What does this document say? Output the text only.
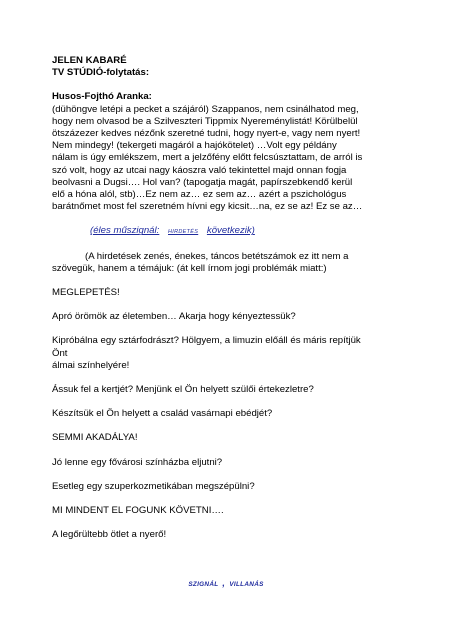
JELEN KABARÉ
TV STÚDIÓ-folytatás:
Husos-Fojthó Aranka:
(dühöngve letépi a pecket a szájáról) Szappanos, nem csinálhatod meg,
hogy nem olvasod be a Szilveszteri Tippmix Nyereménylistát! Körülbelül
ötszázezer kedves nézőnk szeretné tudni, hogy nyert-e, vagy nem nyert!
Nem mindegy! (tekergeti magáról a hajókötelet) …Volt egy példány
nálam is úgy emlékszem, mert a jelzőfény előtt felcsúsztattam, de arról is
szó volt, hogy az utcai nagy káoszra való tekintettel majd onnan fogja
beolvasni a Dugsi…. Hol van? (tapogatja magát, papírszebkendő kerül
elő a hóna alól, stb)…Ez nem az… ez sem az… azért a pszichológus
barátnőmet most fel szeretném hívni egy kicsit…na, ez se az! Ez se az…
(éles műszignál: HIRDETÉS következik)
(A hirdetések zenés, énekes, táncos betétszámok ez itt nem a
szövegük, hanem a témájuk: (át kell írnom jogi problémák miatt:)
MEGLEPETÉS!
Apró örömök az életemben… Akarja hogy kényeztessük?
Kipróbálna egy sztárfodrászt? Hölgyem, a limuzin előáll és máris repítjük
Önt
álmai színhelyére!
Ássuk fel a kertjét? Menjünk el Ön helyett szülői értekezletre?
Készítsük el Ön helyett a család vasárnapi ebédjét?
SEMMI AKADÁLYA!
Jó lenne egy fővárosi színházba eljutni?
Esetleg egy szuperkozmetikában megszépülni?
MI MINDENT EL FOGUNK KÖVETNI….
A legőrültebb ötlet a nyerő!
SZIGNÁL , VILLANÁS
